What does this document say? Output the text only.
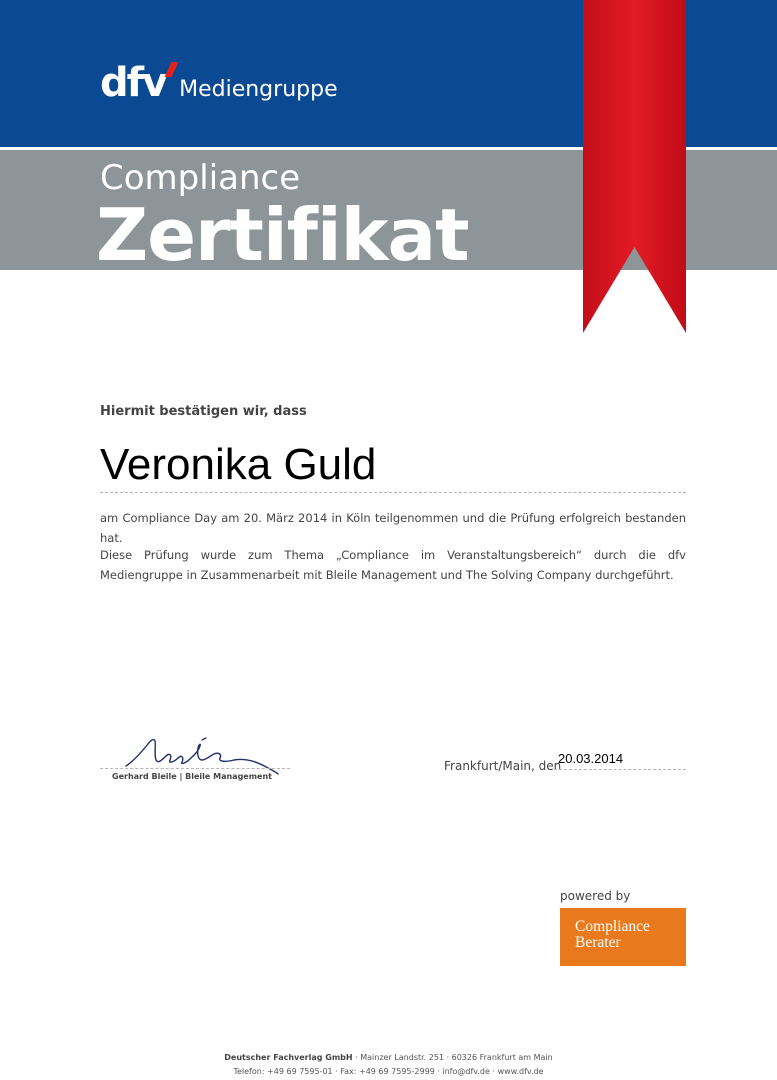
dfv Mediengruppe
Compliance
Zertifikat
Hiermit bestätigen wir, dass
Veronika Guld

am Compliance Day am 20. März 2014 in Köln teilgenommen und die Prüfung erfolgreich bestanden hat.

Diese Prüfung wurde zum Thema „Compliance im Veranstaltungsbereich“ durch die dfv Mediengruppe in Zusammenarbeit mit Bleile Management und The Solving Company durchgeführt.

Gerhard Bleile | Bleile Management
Frankfurt/Main, den
20.03.2014
powered by
Compliance
Berater
Deutscher Fachverlag GmbH · Mainzer Landstr. 251 · 60326 Frankfurt am Main
Telefon: +49 69 7595-01 · Fax: +49 69 7595-2999 · info@dfv.de · www.dfv.de
